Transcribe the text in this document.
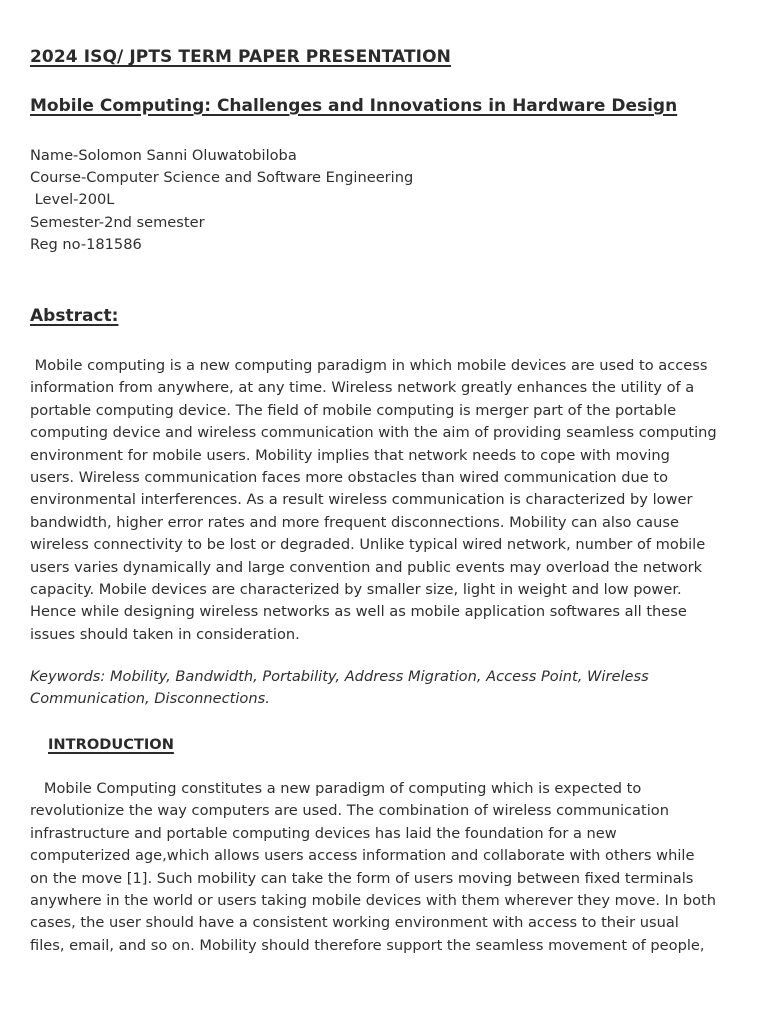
2024 ISQ/ JPTS TERM PAPER PRESENTATION
Mobile Computing: Challenges and Innovations in Hardware Design
Name-Solomon Sanni Oluwatobiloba
Course-Computer Science and Software Engineering
Level-200L
Semester-2nd semester
Reg no-181586
Abstract:
Mobile computing is a new computing paradigm in which mobile devices are used to access
information from anywhere, at any time. Wireless network greatly enhances the utility of a
portable computing device. The field of mobile computing is merger part of the portable
computing device and wireless communication with the aim of providing seamless computing
environment for mobile users. Mobility implies that network needs to cope with moving
users. Wireless communication faces more obstacles than wired communication due to
environmental interferences. As a result wireless communication is characterized by lower
bandwidth, higher error rates and more frequent disconnections. Mobility can also cause
wireless connectivity to be lost or degraded. Unlike typical wired network, number of mobile
users varies dynamically and large convention and public events may overload the network
capacity. Mobile devices are characterized by smaller size, light in weight and low power.
Hence while designing wireless networks as well as mobile application softwares all these
issues should taken in consideration.
Keywords: Mobility, Bandwidth, Portability, Address Migration, Access Point, Wireless
Communication, Disconnections.
INTRODUCTION
Mobile Computing constitutes a new paradigm of computing which is expected to
revolutionize the way computers are used. The combination of wireless communication
infrastructure and portable computing devices has laid the foundation for a new
computerized age,which allows users access information and collaborate with others while
on the move [1]. Such mobility can take the form of users moving between fixed terminals
anywhere in the world or users taking mobile devices with them wherever they move. In both
cases, the user should have a consistent working environment with access to their usual
files, email, and so on. Mobility should therefore support the seamless movement of people,
